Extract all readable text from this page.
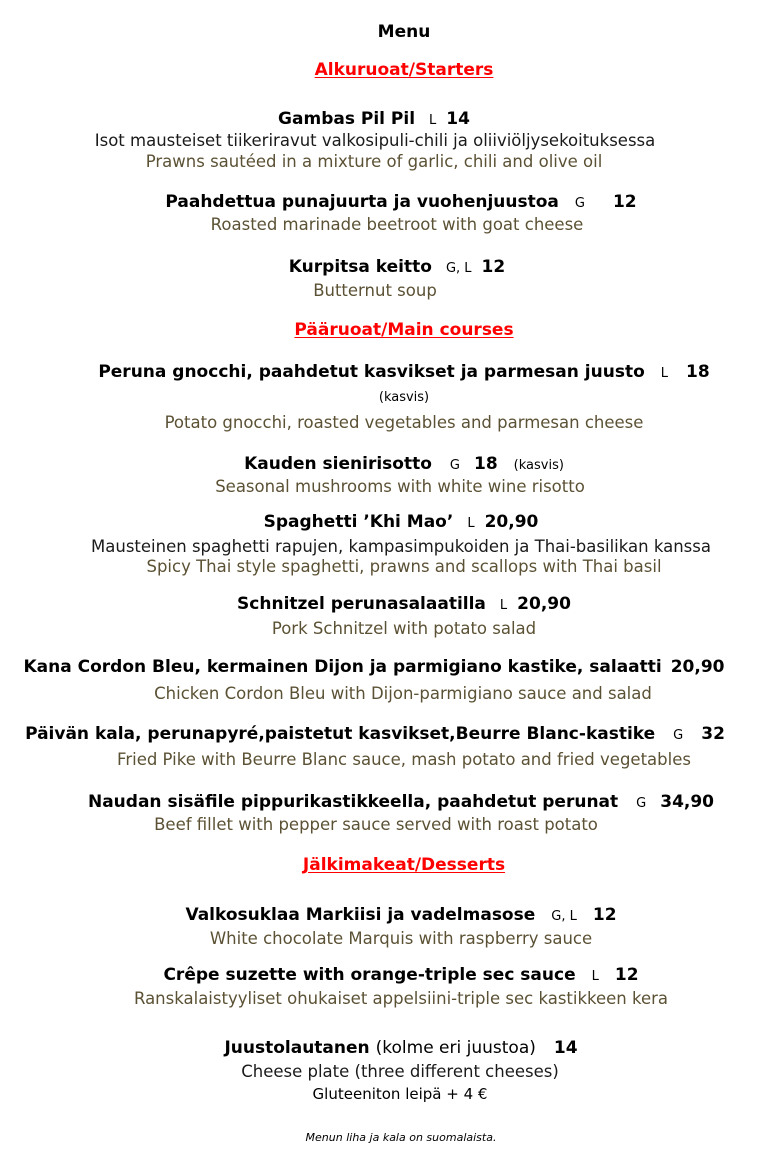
Menu
Alkuruoat/Starters
Gambas Pil Pil L 14
Isot mausteiset tiikeriravut valkosipuli-chili ja oliiviöljysekoituksessa
Prawns sautéed in a mixture of garlic, chili and olive oil
Paahdettua punajuurta ja vuohenjuustoa G 12
Roasted marinade beetroot with goat cheese
Kurpitsa keitto G, L 12
Butternut soup
Pääruoat/Main courses
Peruna gnocchi, paahdetut kasvikset ja parmesan juusto L 18
(kasvis)
Potato gnocchi, roasted vegetables and parmesan cheese
Kauden sienirisotto G 18 (kasvis)
Seasonal mushrooms with white wine risotto
Spaghetti ’Khi Mao’ L 20,90
Mausteinen spaghetti rapujen, kampasimpukoiden ja Thai-basilikan kanssa
Spicy Thai style spaghetti, prawns and scallops with Thai basil
Schnitzel perunasalaatilla L 20,90
Pork Schnitzel with potato salad
Kana Cordon Bleu, kermainen Dijon ja parmigiano kastike, salaatti 20,90
Chicken Cordon Bleu with Dijon-parmigiano sauce and salad
Päivän kala, perunapyré,paistetut kasvikset,Beurre Blanc-kastike G 32
Fried Pike with Beurre Blanc sauce, mash potato and fried vegetables
Naudan sisäfile pippurikastikkeella, paahdetut perunat G 34,90
Beef fillet with pepper sauce served with roast potato
Jälkimakeat/Desserts
Valkosuklaa Markiisi ja vadelmasose G, L 12
White chocolate Marquis with raspberry sauce
Crêpe suzette with orange-triple sec sauce L 12
Ranskalaistyyliset ohukaiset appelsiini-triple sec kastikkeen kera
Juustolautanen (kolme eri juustoa) 14
Cheese plate (three different cheeses)
Gluteeniton leipä + 4 €
Menun liha ja kala on suomalaista.
